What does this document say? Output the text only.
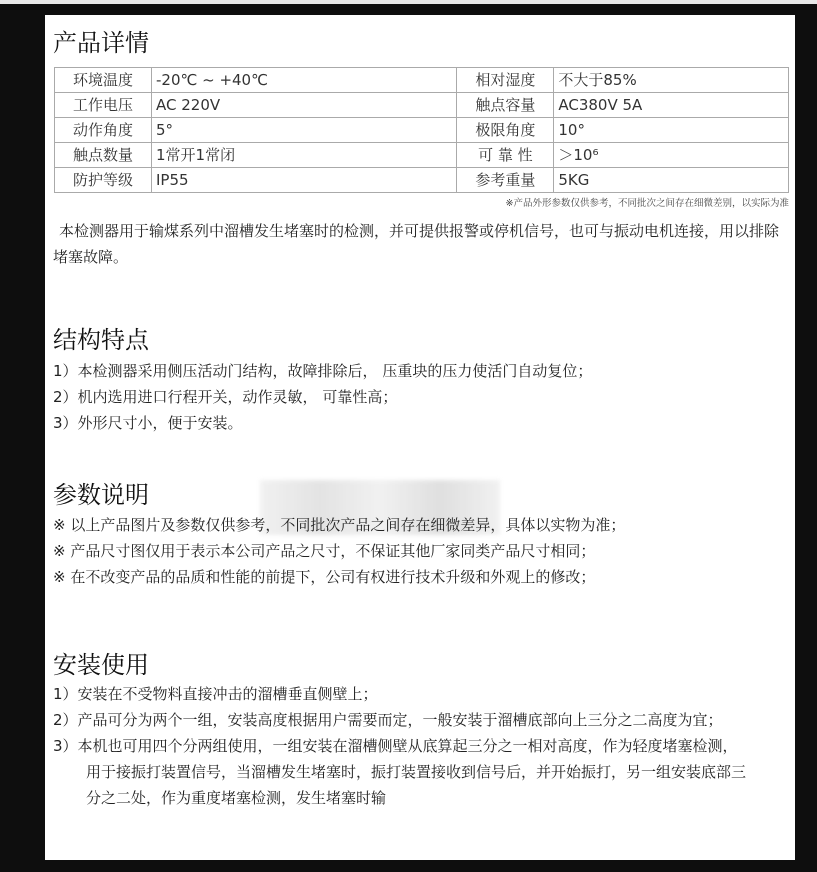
产品详情
环境温度	-20℃ ~ +40℃	相对湿度	不大于85%
工作电压	AC 220V	触点容量	AC380V 5A
动作角度	5°	极限角度	10°
触点数量	1常开1常闭	可 靠 性	＞10⁶
防护等级	IP55	参考重量	5KG
※产品外形参数仅供参考，不同批次之间存在细微差别，以实际为准
本检测器用于输煤系列中溜槽发生堵塞时的检测，并可提供报警或停机信号，也可与振动电机连接，用以排除堵塞故障。
结构特点
1）本检测器采用侧压活动门结构，故障排除后， 压重块的压力使活门自动复位；
2）机内选用进口行程开关，动作灵敏， 可靠性高；
3）外形尺寸小，便于安装。
参数说明
※ 以上产品图片及参数仅供参考，不同批次产品之间存在细微差异，具体以实物为准；
※ 产品尺寸图仅用于表示本公司产品之尺寸，不保证其他厂家同类产品尺寸相同；
※ 在不改变产品的品质和性能的前提下，公司有权进行技术升级和外观上的修改；
安装使用
1）安装在不受物料直接冲击的溜槽垂直侧壁上；
2）产品可分为两个一组，安装高度根据用户需要而定，一般安装于溜槽底部向上三分之二高度为宜；
3）本机也可用四个分两组使用，一组安装在溜槽侧壁从底算起三分之一相对高度，作为轻度堵塞检测，用于接振打装置信号，当溜槽发生堵塞时，振打装置接收到信号后，并开始振打，另一组安装底部三分之二处，作为重度堵塞检测，发生堵塞时输
